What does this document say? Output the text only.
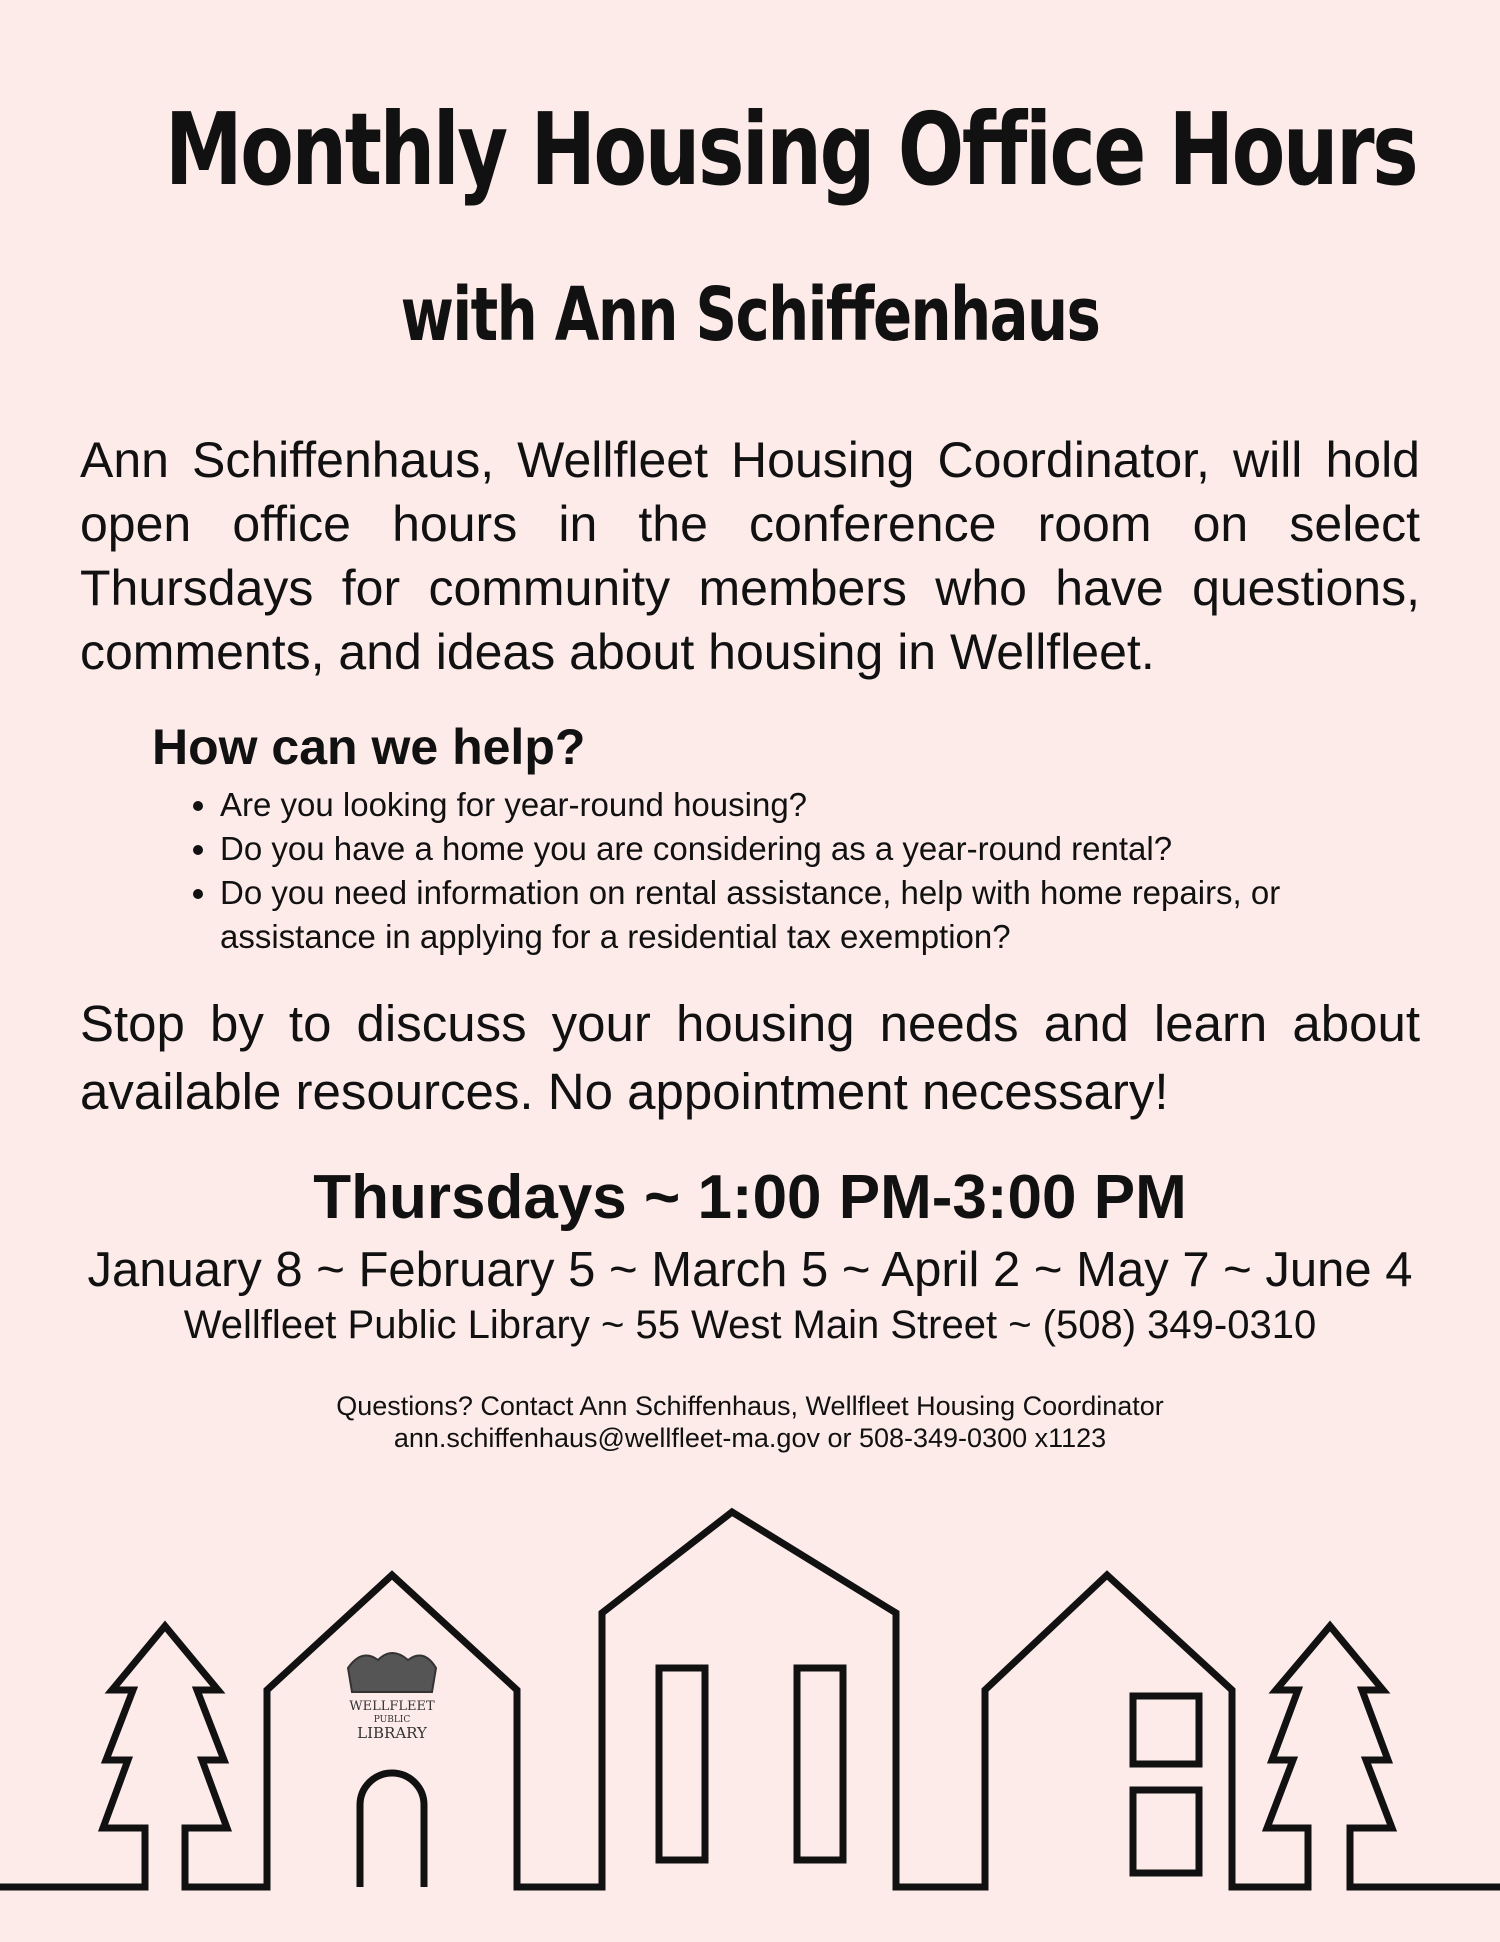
Monthly Housing Office Hours
with Ann Schiffenhaus
Ann Schiffenhaus, Wellfleet Housing Coordinator, will hold open office hours in the conference room on select Thursdays for community members who have questions, comments, and ideas about housing in Wellfleet.
How can we help?
• Are you looking for year-round housing?
• Do you have a home you are considering as a year-round rental?
• Do you need information on rental assistance, help with home repairs, or assistance in applying for a residential tax exemption?
Stop by to discuss your housing needs and learn about available resources. No appointment necessary!
Thursdays ~ 1:00 PM-3:00 PM
January 8 ~ February 5 ~ March 5 ~ April 2 ~ May 7 ~ June 4
Wellfleet Public Library ~ 55 West Main Street ~ (508) 349-0310
Questions? Contact Ann Schiffenhaus, Wellfleet Housing Coordinator
ann.schiffenhaus@wellfleet-ma.gov or 508-349-0300 x1123
WELLFLEET
PUBLIC
LIBRARY
